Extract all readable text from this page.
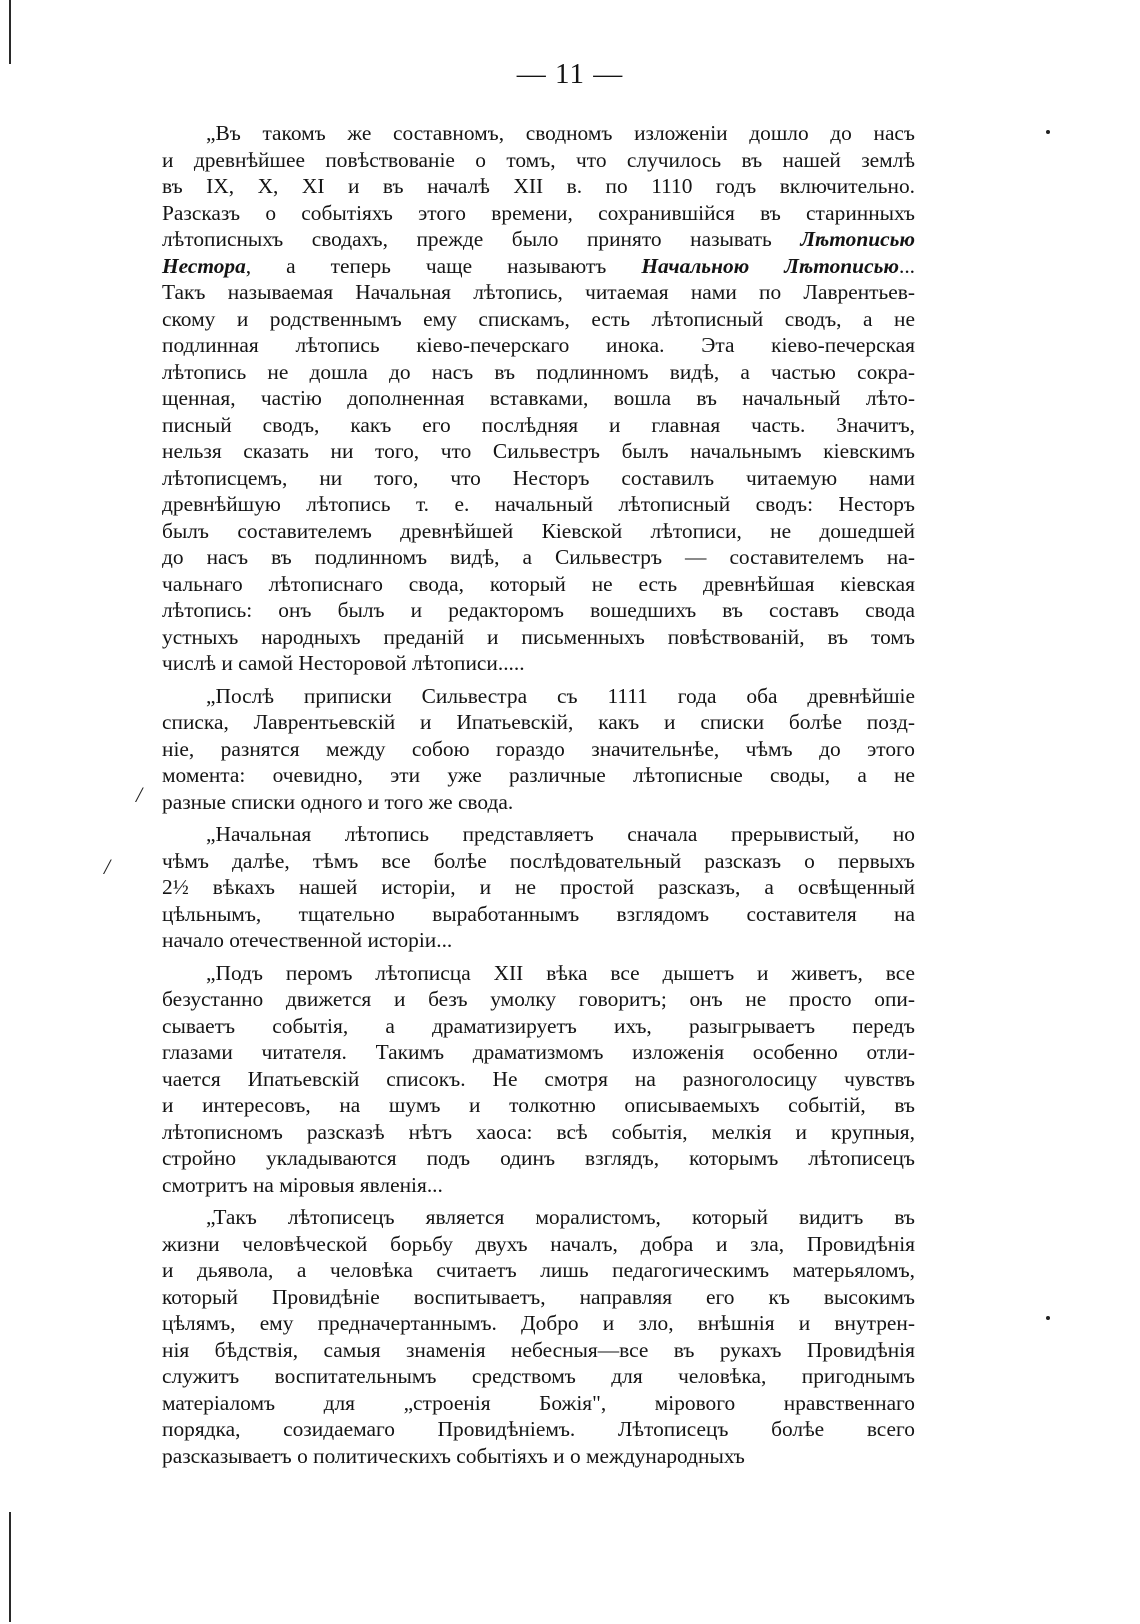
— 11 —
/
/
„Въ такомъ же составномъ, сводномъ изложеніи дошло до насъ
и древнѣйшее повѣствованіе о томъ, что случилось въ нашей землѣ
въ IX, X, XI и въ началѣ XII в. по 1110 годъ включительно.
Разсказъ о событіяхъ этого времени, сохранившійся въ старинныхъ
лѣтописныхъ сводахъ, прежде было принято называть Лѣтописью
Нестора, а теперь чаще называютъ Начальною Лѣтописью...
Такъ называемая Начальная лѣтопись, читаемая нами по Лаврентьев-
скому и родственнымъ ему спискамъ, есть лѣтописный сводъ, а не
подлинная лѣтопись кіево-печерскаго инока. Эта кіево-печерская
лѣтопись не дошла до насъ въ подлинномъ видѣ, а частью сокра-
щенная, частію дополненная вставками, вошла въ начальный лѣто-
писный сводъ, какъ его послѣдняя и главная часть. Значитъ,
нельзя сказать ни того, что Сильвестръ былъ начальнымъ кіевскимъ
лѣтописцемъ, ни того, что Несторъ составилъ читаемую нами
древнѣйшую лѣтопись т. е. начальный лѣтописный сводъ: Несторъ
былъ составителемъ древнѣйшей Кіевской лѣтописи, не дошедшей
до насъ въ подлинномъ видѣ, а Сильвестръ — составителемъ на-
чальнаго лѣтописнаго свода, который не есть древнѣйшая кіевская
лѣтопись: онъ былъ и редакторомъ вошедшихъ въ составъ свода
устныхъ народныхъ преданій и письменныхъ повѣствованій, въ томъ
числѣ и самой Несторовой лѣтописи.....
„Послѣ приписки Сильвестра съ 1111 года оба древнѣйшіе
списка, Лаврентьевскій и Ипатьевскій, какъ и списки болѣе позд-
ніе, разнятся между собою гораздо значительнѣе, чѣмъ до этого
момента: очевидно, эти уже различные лѣтописные своды, а не
разные списки одного и того же свода.
„Начальная лѣтопись представляетъ сначала прерывистый, но
чѣмъ далѣе, тѣмъ все болѣе послѣдовательный разсказъ о первыхъ
2½ вѣкахъ нашей исторіи, и не простой разсказъ, а освѣщенный
цѣльнымъ, тщательно выработаннымъ взглядомъ составителя на
начало отечественной исторіи...
„Подъ перомъ лѣтописца XII вѣка все дышетъ и живетъ, все
безустанно движется и безъ умолку говоритъ; онъ не просто опи-
сываетъ событія, а драматизируетъ ихъ, разыгрываетъ передъ
глазами читателя. Такимъ драматизмомъ изложенія особенно отли-
чается Ипатьевскій списокъ. Не смотря на разноголосицу чувствъ
и интересовъ, на шумъ и толкотню описываемыхъ событій, въ
лѣтописномъ разсказѣ нѣтъ хаоса: всѣ событія, мелкія и крупныя,
стройно укладываются подъ одинъ взглядъ, которымъ лѣтописецъ
смотритъ на міровыя явленія...
„Такъ лѣтописецъ является моралистомъ, который видитъ въ
жизни человѣческой борьбу двухъ началъ, добра и зла, Провидѣнія
и дьявола, а человѣка считаетъ лишь педагогическимъ матерьяломъ,
который Провидѣніе воспитываетъ, направляя его къ высокимъ
цѣлямъ, ему предначертаннымъ. Добро и зло, внѣшнія и внутрен-
нія бѣдствія, самыя знаменія небесныя—все въ рукахъ Провидѣнія
служитъ воспитательнымъ средствомъ для человѣка, пригоднымъ
матеріаломъ для „строенія Божія", мірового нравственнаго
порядка, созидаемаго Провидѣніемъ. Лѣтописецъ болѣе всего
разсказываетъ о политическихъ событіяхъ и о международныхъ
